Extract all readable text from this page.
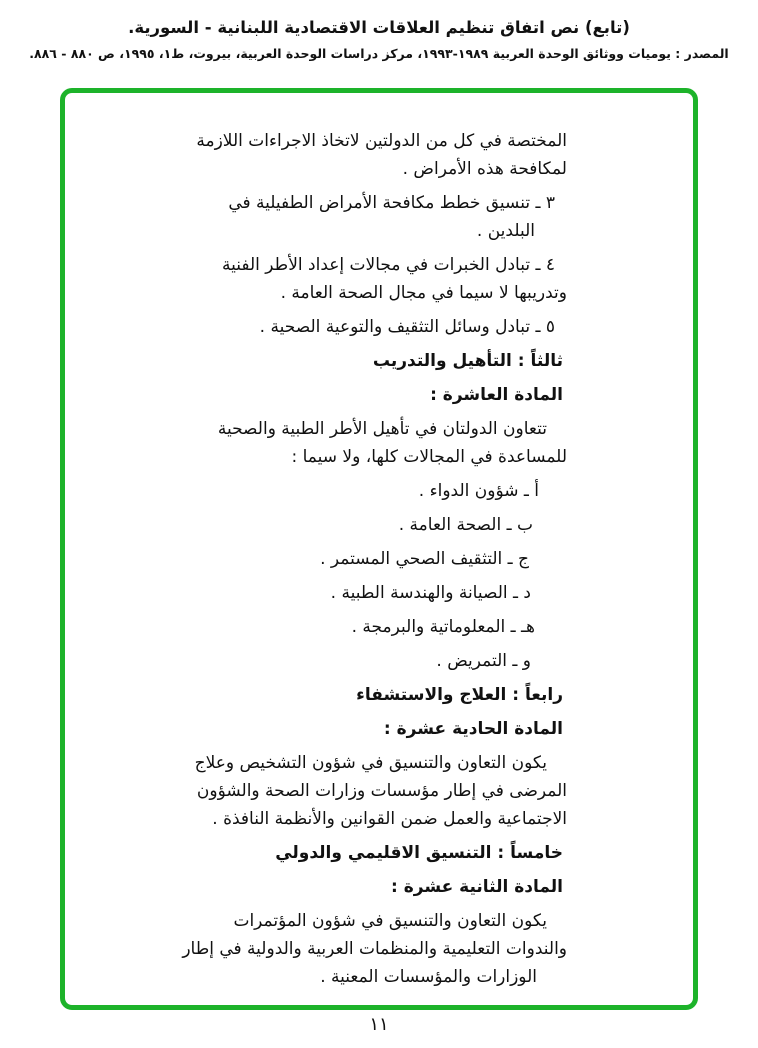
(تابع) نص اتفاق تنظيم العلاقات الاقتصادية اللبنانية - السورية.
المصدر : يوميات ووثائق الوحدة العربية ١٩٨٩-١٩٩٣، مركز دراسات الوحدة العربية، بيروت، ط١، ١٩٩٥، ص ٨٨٠ - ٨٨٦.
المختصة في كل من الدولتين لاتخاذ الاجراءات اللازمة
لمكافحة هذه الأمراض .
٣ ـ تنسيق خطط مكافحة الأمراض الطفيلية في
البلدين .
٤ ـ تبادل الخبرات في مجالات إعداد الأطر الفنية
وتدريبها لا سيما في مجال الصحة العامة .
٥ ـ تبادل وسائل التثقيف والتوعية الصحية .
ثالثاً : التأهيل والتدريب
المادة العاشرة :
تتعاون الدولتان في تأهيل الأطر الطبية والصحية
للمساعدة في المجالات كلها، ولا سيما :
أ ـ شؤون الدواء .
ب ـ الصحة العامة .
ج ـ التثقيف الصحي المستمر .
د ـ الصيانة والهندسة الطبية .
هـ ـ المعلوماتية والبرمجة .
و ـ التمريض .
رابعاً : العلاج والاستشفاء
المادة الحادية عشرة :
يكون التعاون والتنسيق في شؤون التشخيص وعلاج
المرضى في إطار مؤسسات وزارات الصحة والشؤون
الاجتماعية والعمل ضمن القوانين والأنظمة النافذة .
خامساً : التنسيق الاقليمي والدولي
المادة الثانية عشرة :
يكون التعاون والتنسيق في شؤون المؤتمرات
والندوات التعليمية والمنظمات العربية والدولية في إطار
الوزارات والمؤسسات المعنية .
١١
